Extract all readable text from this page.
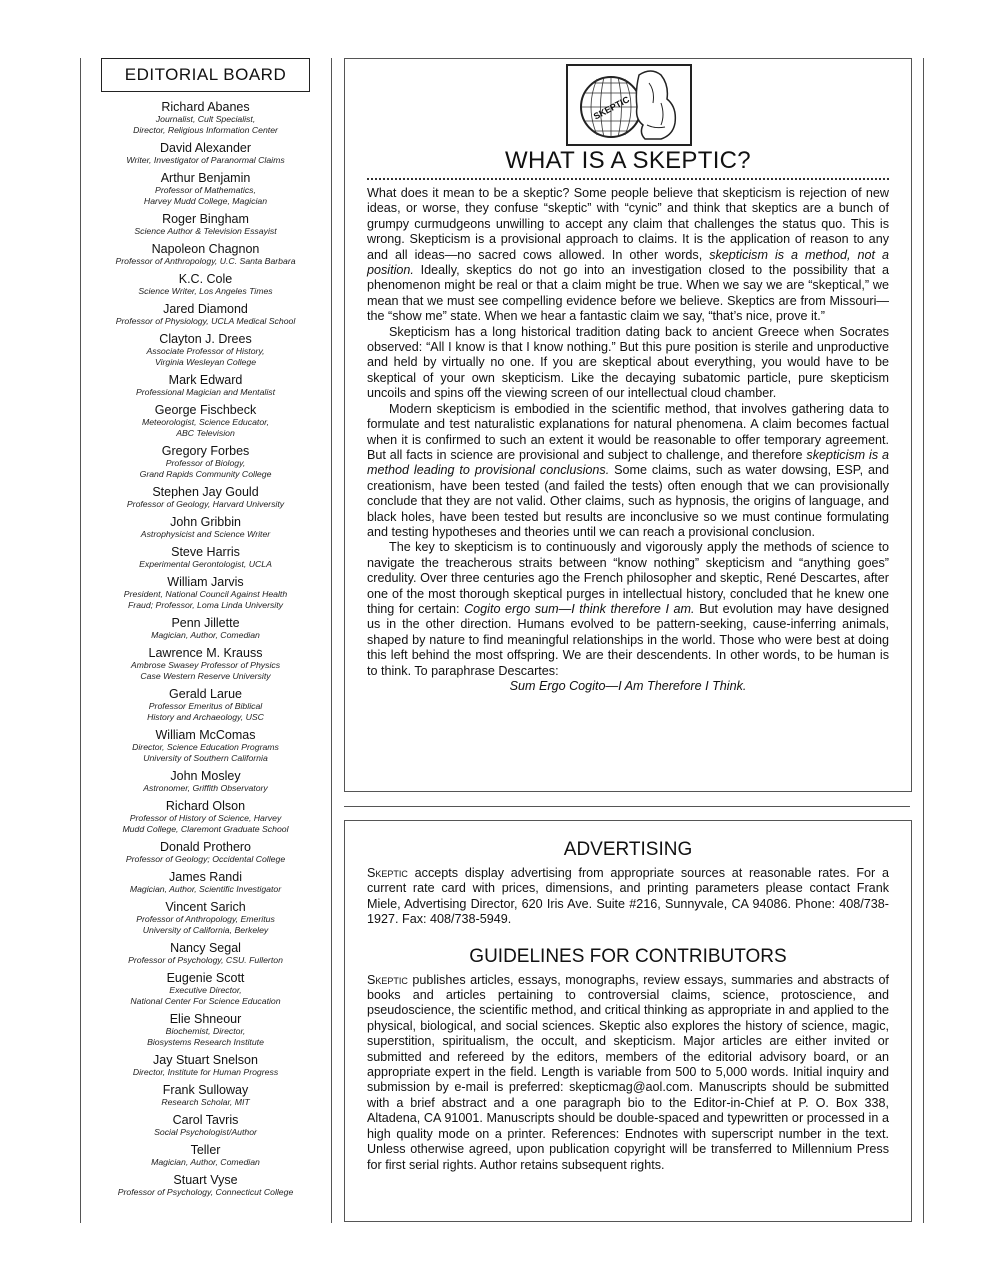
EDITORIAL BOARD
Richard Abanes
Journalist, Cult Specialist,
Director, Religious Information Center
David Alexander
Writer, Investigator of Paranormal Claims
Arthur Benjamin
Professor of Mathematics,
Harvey Mudd College, Magician
Roger Bingham
Science Author & Television Essayist
Napoleon Chagnon
Professor of Anthropology, U.C. Santa Barbara
K.C. Cole
Science Writer, Los Angeles Times
Jared Diamond
Professor of Physiology, UCLA Medical School
Clayton J. Drees
Associate Professor of History,
Virginia Wesleyan College
Mark Edward
Professional Magician and Mentalist
George Fischbeck
Meteorologist, Science Educator,
ABC Television
Gregory Forbes
Professor of Biology,
Grand Rapids Community College
Stephen Jay Gould
Professor of Geology, Harvard University
John Gribbin
Astrophysicist and Science Writer
Steve Harris
Experimental Gerontologist, UCLA
William Jarvis
President, National Council Against Health
Fraud; Professor, Loma Linda University
Penn Jillette
Magician, Author, Comedian
Lawrence M. Krauss
Ambrose Swasey Professor of Physics
Case Western Reserve University
Gerald Larue
Professor Emeritus of Biblical
History and Archaeology, USC
William McComas
Director, Science Education Programs
University of Southern California
John Mosley
Astronomer, Griffith Observatory
Richard Olson
Professor of History of Science, Harvey
Mudd College, Claremont Graduate School
Donald Prothero
Professor of Geology; Occidental College
James Randi
Magician, Author, Scientific Investigator
Vincent Sarich
Professor of Anthropology, Emeritus
University of California, Berkeley
Nancy Segal
Professor of Psychology, CSU. Fullerton
Eugenie Scott
Executive Director,
National Center For Science Education
Elie Shneour
Biochemist, Director,
Biosystems Research Institute
Jay Stuart Snelson
Director, Institute for Human Progress
Frank Sulloway
Research Scholar, MIT
Carol Tavris
Social Psychologist/Author
Teller
Magician, Author, Comedian
Stuart Vyse
Professor of Psychology, Connecticut College
SKEPTIC
WHAT IS A SKEPTIC?

What does it mean to be a skeptic? Some people believe that skepticism is rejection of new ideas, or worse, they confuse “skeptic” with “cynic” and think that skeptics are a bunch of grumpy curmudgeons unwilling to accept any claim that challenges the status quo. This is wrong. Skepticism is a provisional approach to claims. It is the application of reason to any and all ideas—no sacred cows allowed. In other words, skepticism is a method, not a position. Ideally, skeptics do not go into an investigation closed to the possibility that a phenomenon might be real or that a claim might be true. When we say we are “skeptical,” we mean that we must see compelling evidence before we believe. Skeptics are from Missouri—the “show me” state. When we hear a fantastic claim we say, “that’s nice, prove it.”

Skepticism has a long historical tradition dating back to ancient Greece when Socrates observed: “All I know is that I know nothing.” But this pure position is sterile and unproductive and held by virtually no one. If you are skeptical about everything, you would have to be skeptical of your own skepticism. Like the decaying subatomic particle, pure skepticism uncoils and spins off the viewing screen of our intellectual cloud chamber.

Modern skepticism is embodied in the scientific method, that involves gathering data to formulate and test naturalistic explanations for natural phenomena. A claim becomes factual when it is confirmed to such an extent it would be reasonable to offer temporary agreement. But all facts in science are provisional and subject to challenge, and therefore skepticism is a method leading to provisional conclusions. Some claims, such as water dowsing, ESP, and creationism, have been tested (and failed the tests) often enough that we can provisionally conclude that they are not valid. Other claims, such as hypnosis, the origins of language, and black holes, have been tested but results are inconclusive so we must continue formulating and testing hypotheses and theories until we can reach a provisional conclusion.

The key to skepticism is to continuously and vigorously apply the methods of science to navigate the treacherous straits between “know nothing” skepticism and “anything goes” credulity. Over three centuries ago the French philosopher and skeptic, René Descartes, after one of the most thorough skeptical purges in intellectual history, concluded that he knew one thing for certain: Cogito ergo sum—I think therefore I am. But evolution may have designed us in the other direction. Humans evolved to be pattern-seeking, cause-inferring animals, shaped by nature to find meaningful relationships in the world. Those who were best at doing this left behind the most offspring. We are their descendents. In other words, to be human is to think. To paraphrase Descartes:

Sum Ergo Cogito—I Am Therefore I Think.

ADVERTISING
Skeptic accepts display advertising from appropriate sources at reasonable rates. For a current rate card with prices, dimensions, and printing parameters please contact Frank Miele, Advertising Director, 620 Iris Ave. Suite #216, Sunnyvale, CA 94086. Phone: 408/738-1927. Fax: 408/738-5949.
GUIDELINES FOR CONTRIBUTORS
Skeptic publishes articles, essays, monographs, review essays, summaries and abstracts of books and articles pertaining to controversial claims, science, protoscience, and pseudoscience, the scientific method, and critical thinking as appropriate in and applied to the physical, biological, and social sciences. Skeptic also explores the history of science, magic, superstition, spiritualism, the occult, and skepticism. Major articles are either invited or submitted and refereed by the editors, members of the editorial advisory board, or an appropriate expert in the field. Length is variable from 500 to 5,000 words. Initial inquiry and submission by e-mail is preferred: skepticmag@aol.com. Manuscripts should be submitted with a brief abstract and a one paragraph bio to the Editor-in-Chief at P. O. Box 338, Altadena, CA 91001. Manuscripts should be double-spaced and typewritten or processed in a high quality mode on a printer. References: Endnotes with superscript number in the text. Unless otherwise agreed, upon publication copyright will be transferred to Millennium Press for first serial rights. Author retains subsequent rights.
